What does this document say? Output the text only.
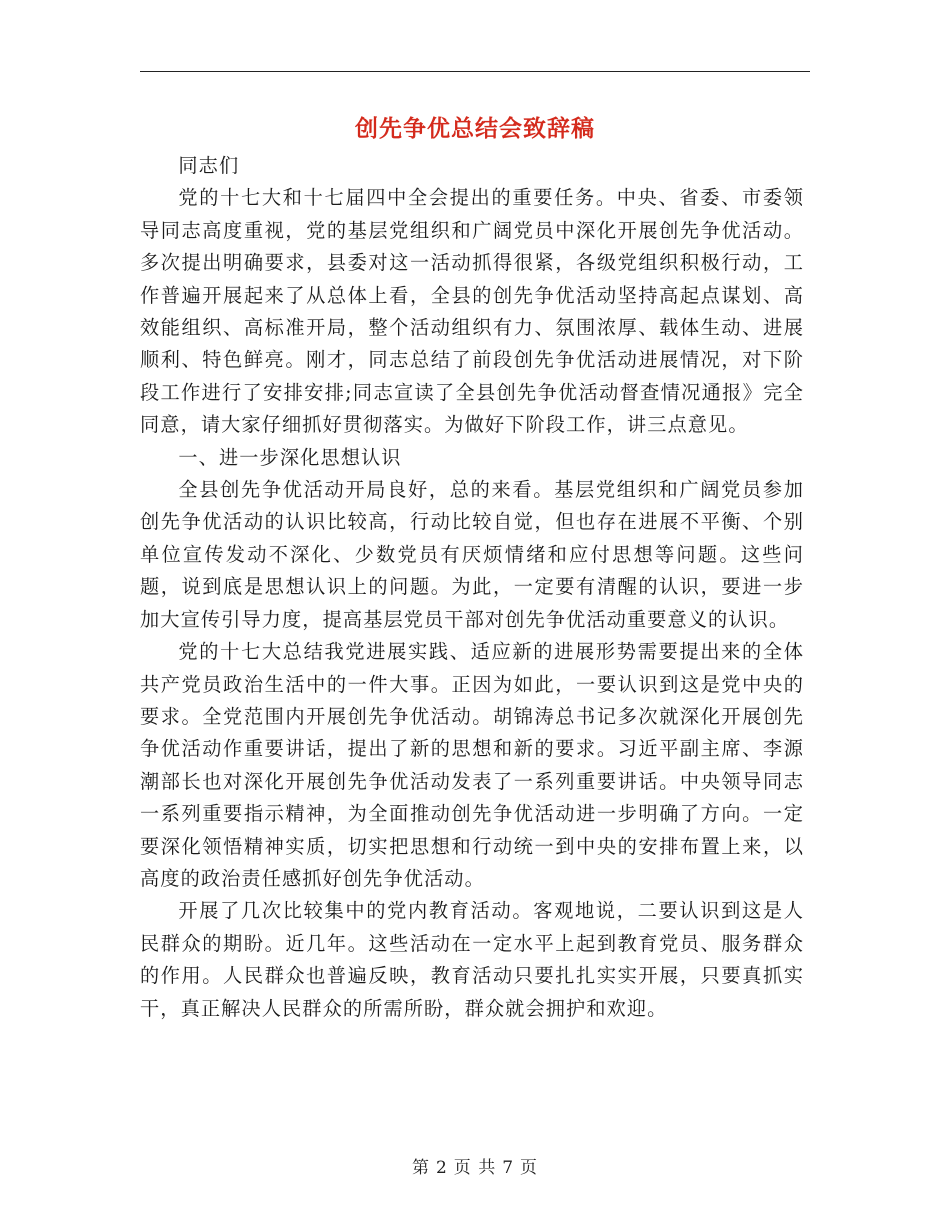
创先争优总结会致辞稿

同志们

党的十七大和十七届四中全会提出的重要任务。中央、省委、市委领导同志高度重视，党的基层党组织和广阔党员中深化开展创先争优活动。多次提出明确要求，县委对这一活动抓得很紧，各级党组织积极行动，工作普遍开展起来了从总体上看，全县的创先争优活动坚持高起点谋划、高效能组织、高标准开局，整个活动组织有力、氛围浓厚、载体生动、进展顺利、特色鲜亮。刚才，同志总结了前段创先争优活动进展情况，对下阶段工作进行了安排安排;同志宣读了全县创先争优活动督查情况通报》完全同意，请大家仔细抓好贯彻落实。为做好下阶段工作，讲三点意见。

一、进一步深化思想认识

全县创先争优活动开局良好，总的来看。基层党组织和广阔党员参加创先争优活动的认识比较高，行动比较自觉，但也存在进展不平衡、个别单位宣传发动不深化、少数党员有厌烦情绪和应付思想等问题。这些问题，说到底是思想认识上的问题。为此，一定要有清醒的认识，要进一步加大宣传引导力度，提高基层党员干部对创先争优活动重要意义的认识。

党的十七大总结我党进展实践、适应新的进展形势需要提出来的全体共产党员政治生活中的一件大事。正因为如此，一要认识到这是党中央的要求。全党范围内开展创先争优活动。胡锦涛总书记多次就深化开展创先争优活动作重要讲话，提出了新的思想和新的要求。习近平副主席、李源潮部长也对深化开展创先争优活动发表了一系列重要讲话。中央领导同志一系列重要指示精神，为全面推动创先争优活动进一步明确了方向。一定要深化领悟精神实质，切实把思想和行动统一到中央的安排布置上来，以高度的政治责任感抓好创先争优活动。

开展了几次比较集中的党内教育活动。客观地说，二要认识到这是人民群众的期盼。近几年。这些活动在一定水平上起到教育党员、服务群众的作用。人民群众也普遍反映，教育活动只要扎扎实实开展，只要真抓实干，真正解决人民群众的所需所盼，群众就会拥护和欢迎。

第 2 页 共 7 页
